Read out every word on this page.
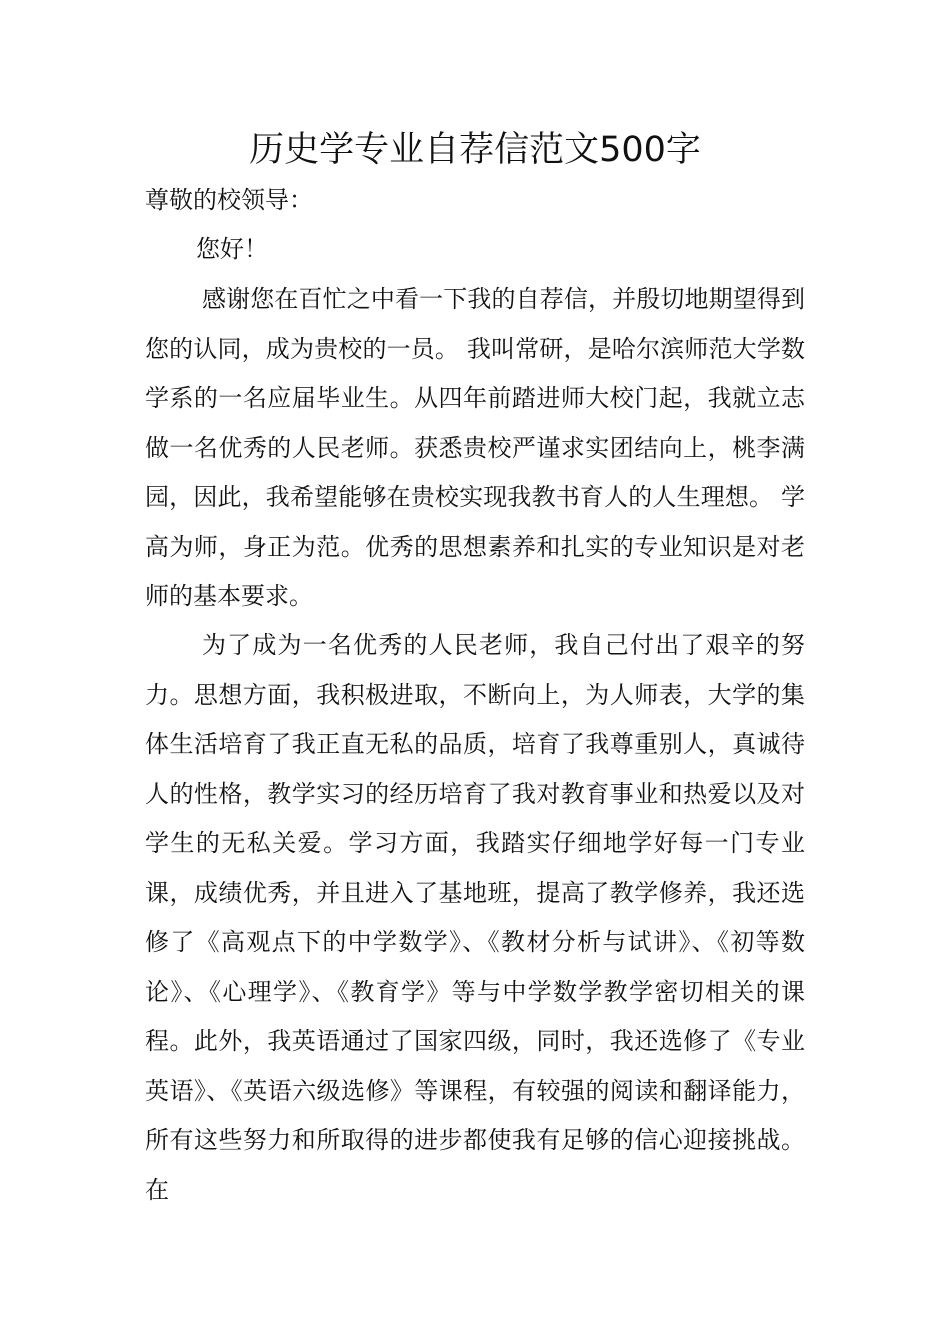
历史学专业自荐信范文500字

尊敬的校领导：

您好！

感谢您在百忙之中看一下我的自荐信，并殷切地期望得到您的认同，成为贵校的一员。 我叫常研，是哈尔滨师范大学数学系的一名应届毕业生。从四年前踏进师大校门起，我就立志做一名优秀的人民老师。获悉贵校严谨求实团结向上，桃李满园，因此，我希望能够在贵校实现我教书育人的人生理想。 学高为师，身正为范。优秀的思想素养和扎实的专业知识是对老师的基本要求。

为了成为一名优秀的人民老师，我自己付出了艰辛的努力。思想方面，我积极进取，不断向上，为人师表，大学的集体生活培育了我正直无私的品质，培育了我尊重别人，真诚待人的性格，教学实习的经历培育了我对教育事业和热爱以及对学生的无私关爱。学习方面，我踏实仔细地学好每一门专业课，成绩优秀，并且进入了基地班，提高了教学修养，我还选修了《高观点下的中学数学》、《教材分析与试讲》、《初等数论》、《心理学》、《教育学》等与中学数学教学密切相关的课程。此外，我英语通过了国家四级，同时，我还选修了《专业英语》、《英语六级选修》等课程，有较强的阅读和翻译能力，所有这些努力和所取得的进步都使我有足够的信心迎接挑战。 在
